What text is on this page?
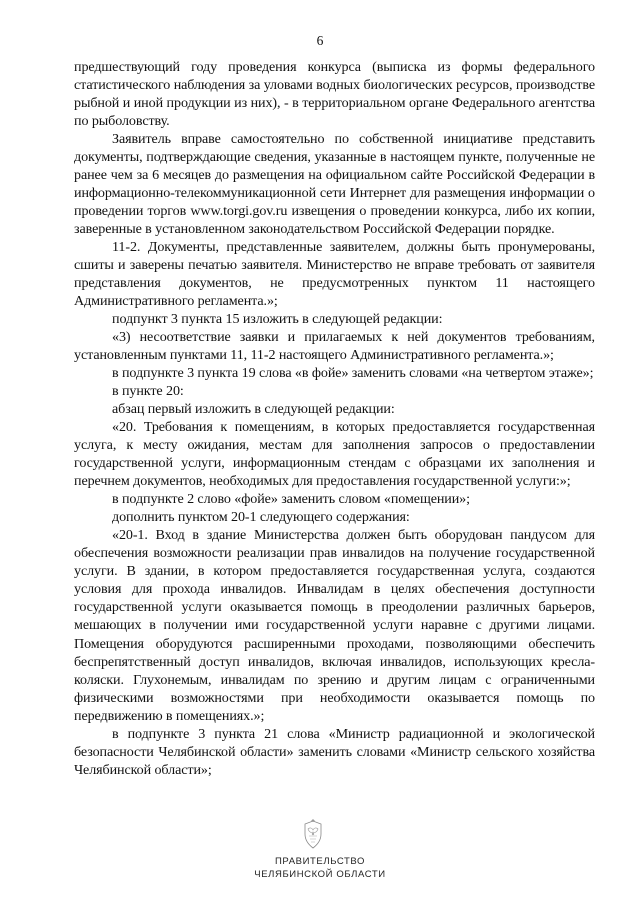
6

предшествующий году проведения конкурса (выписка из формы федерального статистического наблюдения за уловами водных биологических ресурсов, производстве рыбной и иной продукции из них), - в территориальном органе Федерального агентства по рыболовству.

Заявитель вправе самостоятельно по собственной инициативе представить документы, подтверждающие сведения, указанные в настоящем пункте, полученные не ранее чем за 6 месяцев до размещения на официальном сайте Российской Федерации в информационно-телекоммуникационной сети Интернет для размещения информации о проведении торгов www.torgi.gov.ru извещения о проведении конкурса, либо их копии, заверенные в установленном законодательством Российской Федерации порядке.

11-2. Документы, представленные заявителем, должны быть пронумерованы, сшиты и заверены печатью заявителя. Министерство не вправе требовать от заявителя представления документов, не предусмотренных пунктом 11 настоящего Административного регламента.»;

подпункт 3 пункта 15 изложить в следующей редакции:

«3) несоответствие заявки и прилагаемых к ней документов требованиям, установленным пунктами 11, 11-2 настоящего Административного регламента.»;

в подпункте 3 пункта 19 слова «в фойе» заменить словами «на четвертом этаже»;

в пункте 20:

абзац первый изложить в следующей редакции:

«20. Требования к помещениям, в которых предоставляется государственная услуга, к месту ожидания, местам для заполнения запросов о предоставлении государственной услуги, информационным стендам с образцами их заполнения и перечнем документов, необходимых для предоставления государственной услуги:»;

в подпункте 2 слово «фойе» заменить словом «помещении»;

дополнить пунктом 20-1 следующего содержания:

«20-1. Вход в здание Министерства должен быть оборудован пандусом для обеспечения возможности реализации прав инвалидов на получение государственной услуги. В здании, в котором предоставляется государственная услуга, создаются условия для прохода инвалидов. Инвалидам в целях обеспечения доступности государственной услуги оказывается помощь в преодолении различных барьеров, мешающих в получении ими государственной услуги наравне с другими лицами. Помещения оборудуются расширенными проходами, позволяющими обеспечить беспрепятственный доступ инвалидов, включая инвалидов, использующих кресла-коляски. Глухонемым, инвалидам по зрению и другим лицам с ограниченными физическими возможностями при необходимости оказывается помощь по передвижению в помещениях.»;

в подпункте 3 пункта 21 слова «Министр радиационной и экологической безопасности Челябинской области» заменить словами «Министр сельского хозяйства Челябинской области»;

ПРАВИТЕЛЬСТВО
ЧЕЛЯБИНСКОЙ ОБЛАСТИ
